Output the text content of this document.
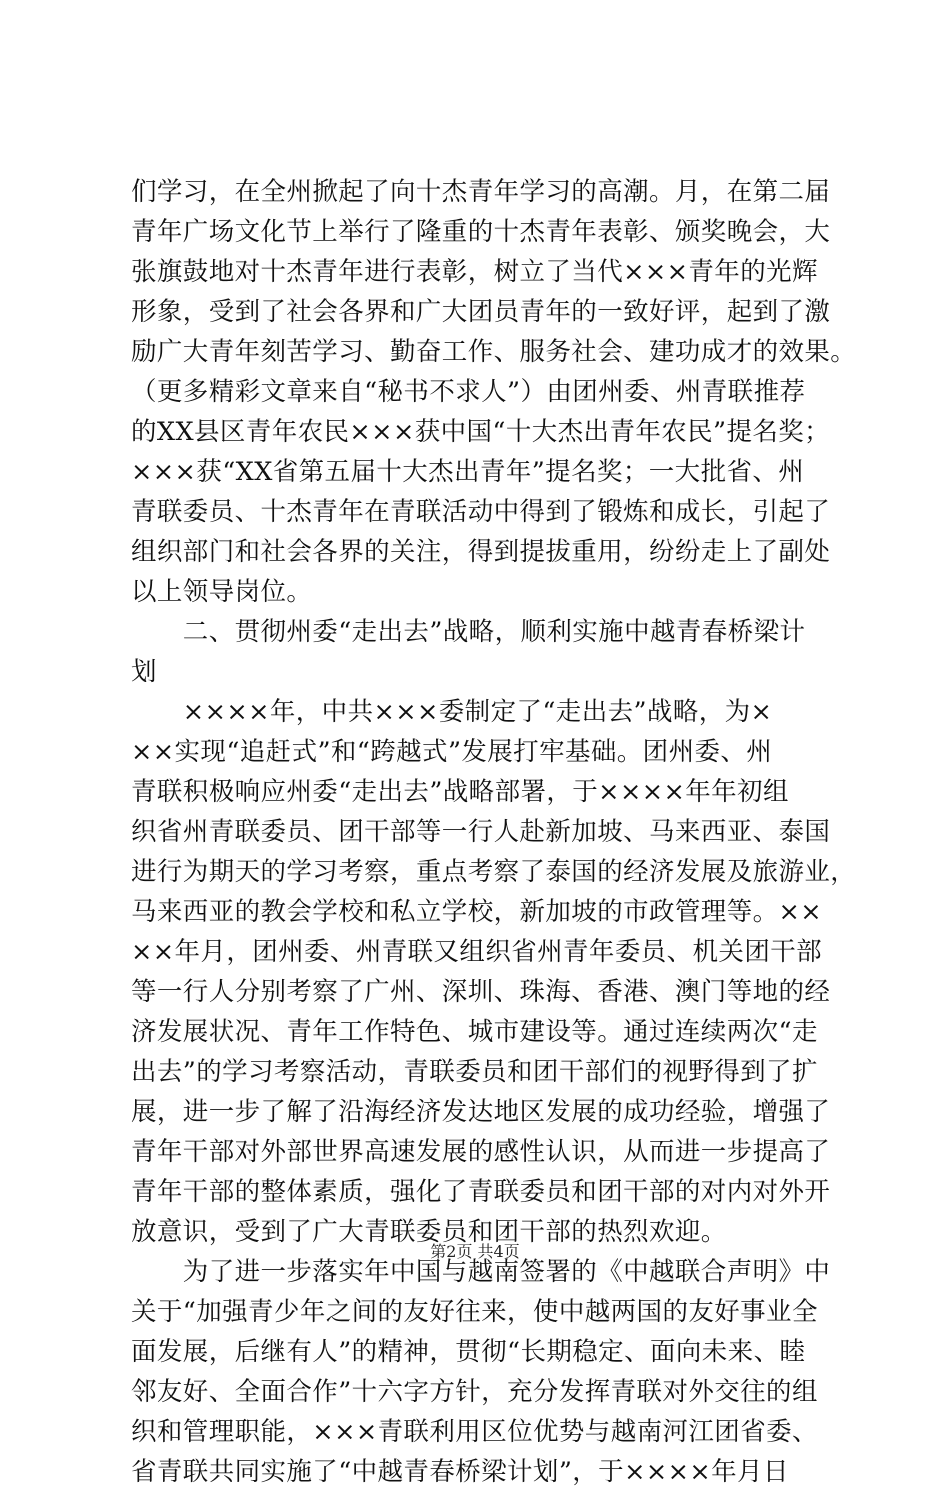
们学习，在全州掀起了向十杰青年学习的高潮。月，在第二届
青年广场文化节上举行了隆重的十杰青年表彰、颁奖晚会，大
张旗鼓地对十杰青年进行表彰，树立了当代×××青年的光辉
形象，受到了社会各界和广大团员青年的一致好评，起到了激
励广大青年刻苦学习、勤奋工作、服务社会、建功成才的效果。
（更多精彩文章来自“秘书不求人”）由团州委、州青联推荐
的XX县区青年农民×××获中国“十大杰出青年农民”提名奖；
×××获“XX省第五届十大杰出青年”提名奖；一大批省、州
青联委员、十杰青年在青联活动中得到了锻炼和成长，引起了
组织部门和社会各界的关注，得到提拔重用，纷纷走上了副处
以上领导岗位。
　　二、贯彻州委“走出去”战略，顺利实施中越青春桥梁计
划
　　××××年，中共×××委制定了“走出去”战略，为×
××实现“追赶式”和“跨越式”发展打牢基础。团州委、州
青联积极响应州委“走出去”战略部署，于××××年年初组
织省州青联委员、团干部等一行人赴新加坡、马来西亚、泰国
进行为期天的学习考察，重点考察了泰国的经济发展及旅游业，
马来西亚的教会学校和私立学校，新加坡的市政管理等。××
××年月，团州委、州青联又组织省州青年委员、机关团干部
等一行人分别考察了广州、深圳、珠海、香港、澳门等地的经
济发展状况、青年工作特色、城市建设等。通过连续两次“走
出去”的学习考察活动，青联委员和团干部们的视野得到了扩
展，进一步了解了沿海经济发达地区发展的成功经验，增强了
青年干部对外部世界高速发展的感性认识，从而进一步提高了
青年干部的整体素质，强化了青联委员和团干部的对内对外开
放意识，受到了广大青联委员和团干部的热烈欢迎。
　　为了进一步落实年中国与越南签署的《中越联合声明》中
关于“加强青少年之间的友好往来，使中越两国的友好事业全
面发展，后继有人”的精神，贯彻“长期稳定、面向未来、睦
邻友好、全面合作”十六字方针，充分发挥青联对外交往的组
织和管理职能，×××青联利用区位优势与越南河江团省委、
省青联共同实施了“中越青春桥梁计划”，于××××年月日
第2页 共4页
